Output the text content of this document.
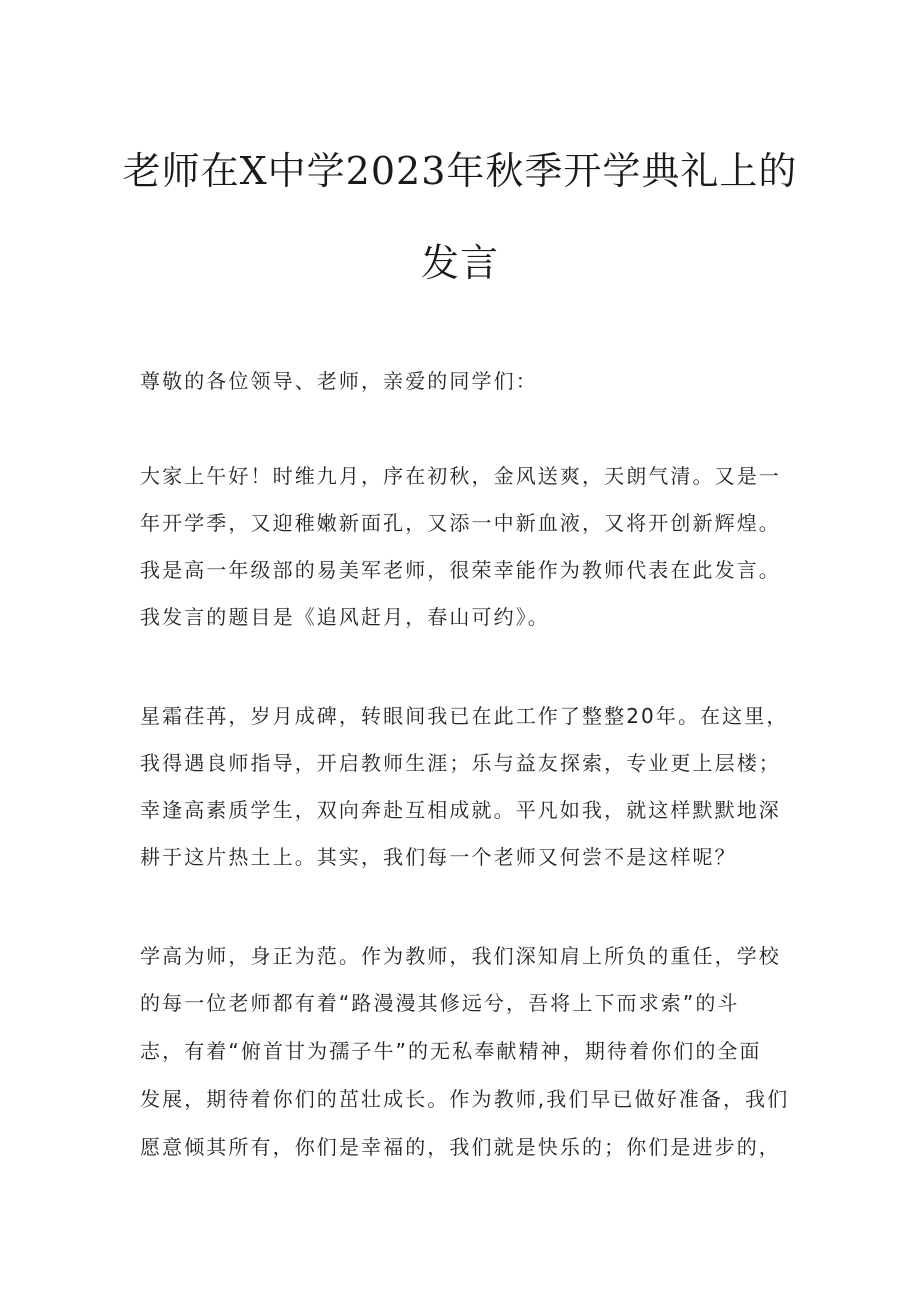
老师在X中学2023年秋季开学典礼上的
发言
尊敬的各位领导、老师，亲爱的同学们：
大家上午好！时维九月，序在初秋，金风送爽，天朗气清。又是一
年开学季，又迎稚嫩新面孔，又添一中新血液，又将开创新辉煌。
我是高一年级部的易美军老师，很荣幸能作为教师代表在此发言。
我发言的题目是《追风赶月，春山可约》。
星霜荏苒，岁月成碑，转眼间我已在此工作了整整20年。在这里，
我得遇良师指导，开启教师生涯；乐与益友探索，专业更上层楼；
幸逢高素质学生，双向奔赴互相成就。平凡如我，就这样默默地深
耕于这片热土上。其实，我们每一个老师又何尝不是这样呢？
学高为师，身正为范。作为教师，我们深知肩上所负的重任，学校
的每一位老师都有着“路漫漫其修远兮，吾将上下而求索”的斗
志，有着“俯首甘为孺子牛”的无私奉献精神，期待着你们的全面
发展，期待着你们的茁壮成长。作为教师,我们早已做好准备，我们
愿意倾其所有，你们是幸福的，我们就是快乐的；你们是进步的，
